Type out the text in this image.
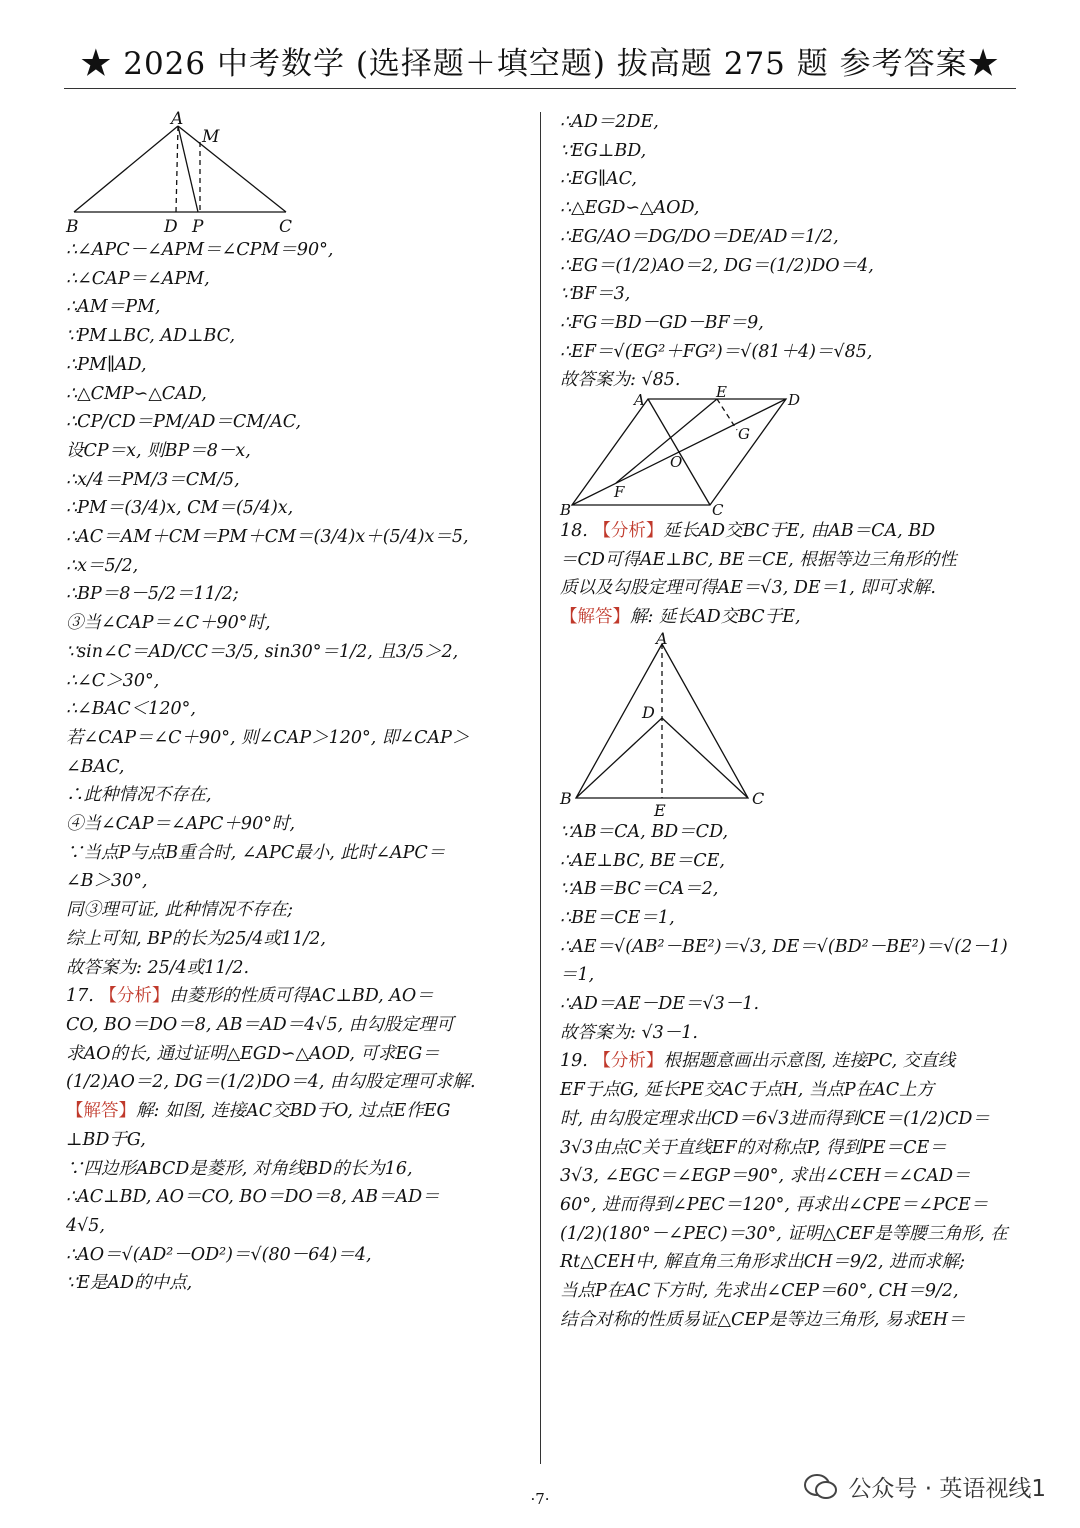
★ 2026 中考数学 (选择题＋填空题) 拔高题 275 题 参考答案★
A
M
B	D P	C
∴∠APC－∠APM＝∠CPM＝90°,
∴∠CAP＝∠APM,
∴AM＝PM,
∵PM⊥BC, AD⊥BC,
∴PM∥AD,
∴△CMP∽△CAD,
∴CP/CD＝PM/AD＝CM/AC,
设CP＝x, 则BP＝8－x,
∴x/4＝PM/3＝CM/5,
∴PM＝(3/4)x, CM＝(5/4)x,
∴AC＝AM＋CM＝PM＋CM＝(3/4)x＋(5/4)x＝5,
∴x＝5/2,
∴BP＝8－5/2＝11/2;
③当∠CAP＝∠C＋90°时,
∵sin∠C＝AD/CC＝3/5, sin30°＝1/2, 且3/5＞2,
∴∠C＞30°,
∴∠BAC＜120°,
若∠CAP＝∠C＋90°, 则∠CAP＞120°, 即∠CAP＞
∠BAC,
∴此种情况不存在,
④当∠CAP＝∠APC＋90°时,
∵当点P与点B重合时, ∠APC最小, 此时∠APC＝
∠B＞30°,
同③理可证, 此种情况不存在;
综上可知, BP的长为25/4或11/2,
故答案为: 25/4或11/2.
17. 【分析】由菱形的性质可得AC⊥BD, AO＝
CO, BO＝DO＝8, AB＝AD＝4√5, 由勾股定理可
求AO的长, 通过证明△EGD∽△AOD, 可求EG＝
(1/2)AO＝2, DG＝(1/2)DO＝4, 由勾股定理可求解.
【解答】解: 如图, 连接AC交BD于O, 过点E作EG
⊥BD于G,
∵四边形ABCD是菱形, 对角线BD的长为16,
∴AC⊥BD, AO＝CO, BO＝DO＝8, AB＝AD＝
4√5,
∴AO＝√(AD²－OD²)＝√(80－64)＝4,
∵E是AD的中点,
∴AD＝2DE,
∵EG⊥BD,
∴EG∥AC,
∴△EGD∽△AOD,
∴EG/AO＝DG/DO＝DE/AD＝1/2,
∴EG＝(1/2)AO＝2, DG＝(1/2)DO＝4,
∵BF＝3,
∴FG＝BD－GD－BF＝9,
∴EF＝√(EG²＋FG²)＝√(81＋4)＝√85,
故答案为: √85.
A	E	D
G
O
B
F
C
18. 【分析】延长AD交BC于E, 由AB＝CA, BD
＝CD可得AE⊥BC, BE＝CE, 根据等边三角形的性
质以及勾股定理可得AE＝√3, DE＝1, 即可求解.
【解答】解: 延长AD交BC于E,
A
D
B
E
C
∵AB＝CA, BD＝CD,
∴AE⊥BC, BE＝CE,
∵AB＝BC＝CA＝2,
∴BE＝CE＝1,
∴AE＝√(AB²－BE²)＝√3, DE＝√(BD²－BE²)＝√(2－1)
＝1,
∴AD＝AE－DE＝√3－1.
故答案为: √3－1.
19. 【分析】根据题意画出示意图, 连接PC, 交直线
EF于点G, 延长PE交AC于点H, 当点P在AC上方
时, 由勾股定理求出CD＝6√3进而得到CE＝(1/2)CD＝
3√3由点C关于直线EF的对称点P, 得到PE＝CE＝
3√3, ∠EGC＝∠EGP＝90°, 求出∠CEH＝∠CAD＝
60°, 进而得到∠PEC＝120°, 再求出∠CPE＝∠PCE＝
(1/2)(180°－∠PEC)＝30°, 证明△CEF是等腰三角形, 在
Rt△CEH中, 解直角三角形求出CH＝9/2, 进而求解;
当点P在AC下方时, 先求出∠CEP＝60°, CH＝9/2,
结合对称的性质易证△CEP是等边三角形, 易求EH＝
·7·	公众号 · 英语视线1
